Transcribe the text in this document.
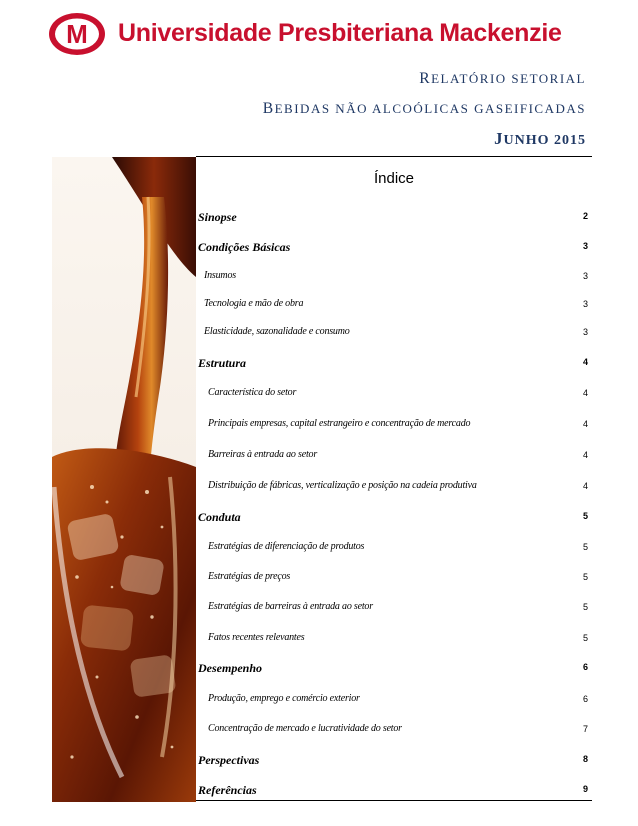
M Universidade Presbiteriana Mackenzie
RELATÓRIO SETORIAL
BEBIDAS NÃO ALCOÓLICAS GASEIFICADAS
JUNHO 2015
Índice
Sinopse	2
Condições Básicas	3
Insumos	3
Tecnologia e mão de obra	3
Elasticidade, sazonalidade e consumo	3
Estrutura	4
Característica do setor	4
Principais empresas, capital estrangeiro e concentração de mercado	4
Barreiras à entrada ao setor	4
Distribuição de fábricas, verticalização e posição na cadeia produtiva	4
Conduta	5
Estratégias de diferenciação de produtos	5
Estratégias de preços	5
Estratégias de barreiras à entrada ao setor	5
Fatos recentes relevantes	5
Desempenho	6
Produção, emprego e comércio exterior	6
Concentração de mercado e lucratividade do setor	7
Perspectivas	8
Referências	9
